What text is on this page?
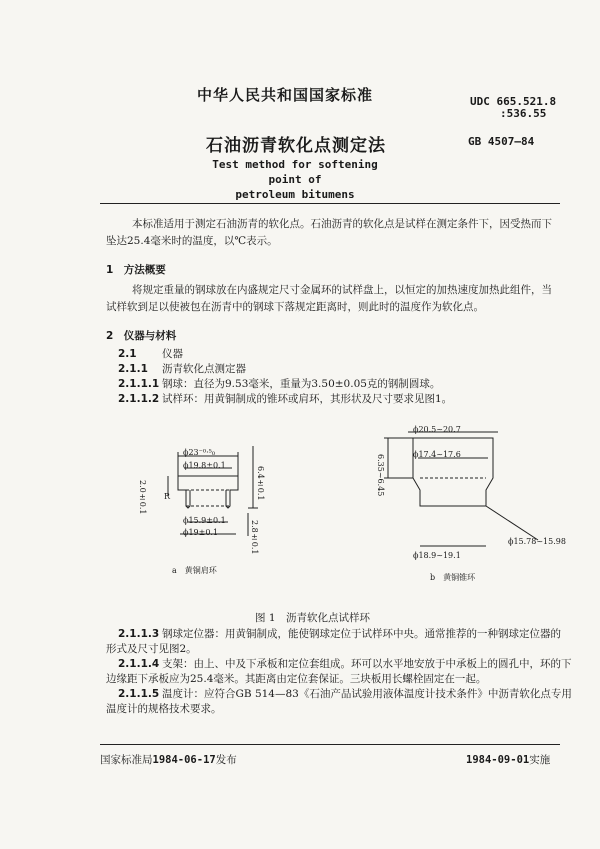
中华人民共和国国家标准	UDC 665.521.8
:536.55
石油沥青软化点测定法	GB 4507—84
Test method for softening point of
petroleum bitumens
本标准适用于测定石油沥青的软化点。石油沥青的软化点是试样在测定条件下，因受热而下坠达25.4毫米时的温度，以℃表示。
1　方法概要
将规定重量的钢球放在内盛规定尺寸金属环的试样盘上，以恒定的加热速度加热此组件，当试样软到足以使被包在沥青中的钢球下落规定距离时，则此时的温度作为软化点。
2　仪器与材料
2.1 仪器
2.1.1 沥青软化点测定器
2.1.1.1 钢球：直径为9.53毫米，重量为3.50±0.05克的钢制圆球。
2.1.1.2 试样环：用黄铜制成的锥环或肩环，其形状及尺寸要求见图1。
ϕ23⁻⁰·⁵₀
ϕ19.8±0.1
ϕ15.9±0.1
ϕ19±0.1
6.4±0.1
2.0±0.1
2.8±0.1
R
a　黄铜肩环
ϕ20.5~20.7
ϕ17.4~17.6
6.35~6.45
ϕ15.78~15.98
ϕ18.9~19.1
b　黄铜锥环
图 1　沥青软化点试样环
2.1.1.3 钢球定位器：用黄铜制成，能使钢球定位于试样环中央。通常推荐的一种钢球定位器的
形式及尺寸见图2。
2.1.1.4 支架：由上、中及下承板和定位套组成。环可以水平地安放于中承板上的圆孔中，环的下
边缘距下承板应为25.4毫米。其距离由定位套保证。三块板用长螺栓固定在一起。
2.1.1.5 温度计：应符合GB 514—83《石油产品试验用液体温度计技术条件》中沥青软化点专用
温度计的规格技术要求。
国家标准局1984-06-17发布	1984-09-01实施
